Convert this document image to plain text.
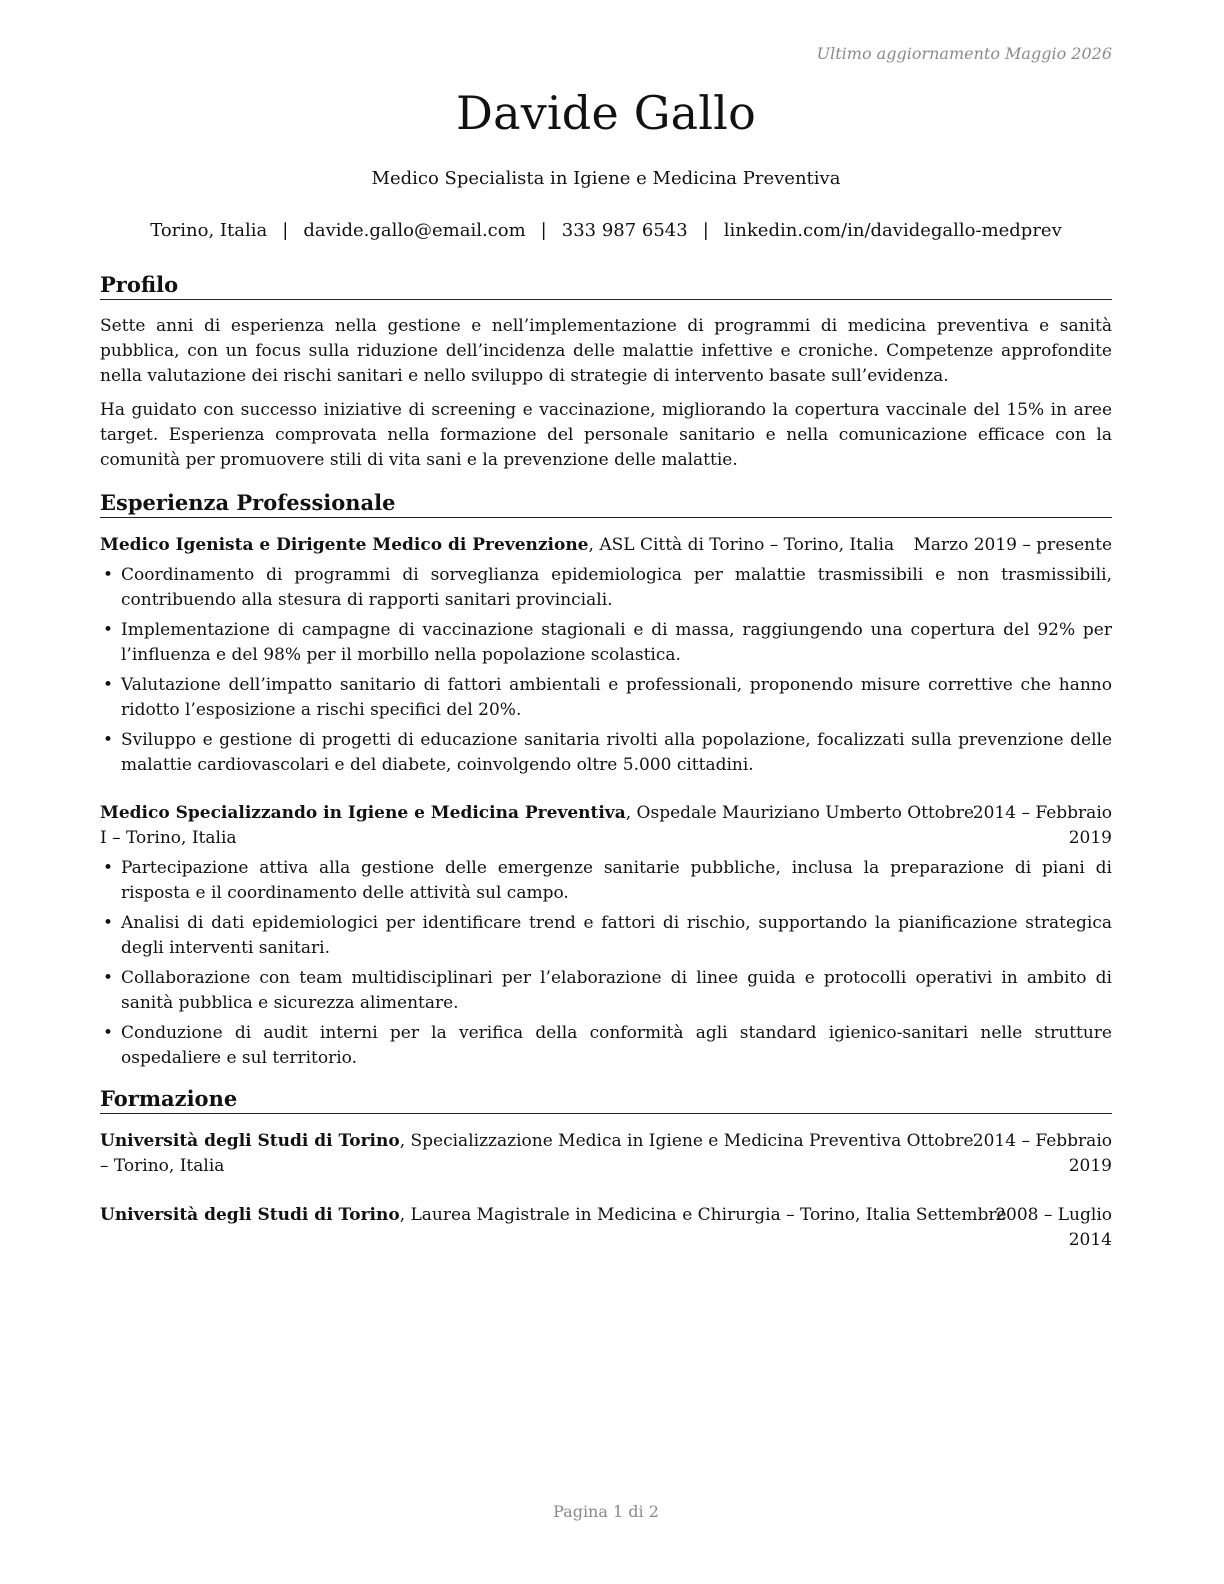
Ultimo aggiornamento Maggio 2026
Davide Gallo
Medico Specialista in Igiene e Medicina Preventiva
Torino, Italia | davide.gallo@email.com | 333 987 6543 | linkedin.com/in/davidegallo-medprev
Profilo

Sette anni di esperienza nella gestione e nell’implementazione di programmi di medicina preventiva e sanità pubblica, con un focus sulla riduzione dell’incidenza delle malattie infettive e croniche. Competenze approfondite nella valutazione dei rischi sanitari e nello sviluppo di strategie di intervento basate sull’evidenza.

Ha guidato con successo iniziative di screening e vaccinazione, migliorando la copertura vaccinale del 15% in aree target. Esperienza comprovata nella formazione del personale sanitario e nella comunicazione efficace con la comunità per promuovere stili di vita sani e la prevenzione delle malattie.

Esperienza Professionale
Medico Igenista e Dirigente Medico di Prevenzione, ASL Città di Torino – Torino, Italia Marzo 2019 – presente
• Coordinamento di programmi di sorveglianza epidemiologica per malattie trasmissibili e non trasmissibili, contribuendo alla stesura di rapporti sanitari provinciali.
• Implementazione di campagne di vaccinazione stagionali e di massa, raggiungendo una copertura del 92% per l’influenza e del 98% per il morbillo nella popolazione scolastica.
• Valutazione dell’impatto sanitario di fattori ambientali e professionali, proponendo misure correttive che hanno ridotto l’esposizione a rischi specifici del 20%.
• Sviluppo e gestione di progetti di educazione sanitaria rivolti alla popolazione, focalizzati sulla prevenzione delle malattie cardiovascolari e del diabete, coinvolgendo oltre 5.000 cittadini.
Medico Specializzando in Igiene e Medicina Preventiva, Ospedale Mauriziano Umberto Ottobre
I – Torino, Italia
2014 – Febbraio
2019
• Partecipazione attiva alla gestione delle emergenze sanitarie pubbliche, inclusa la preparazione di piani di risposta e il coordinamento delle attività sul campo.
• Analisi di dati epidemiologici per identificare trend e fattori di rischio, supportando la pianificazione strategica degli interventi sanitari.
• Collaborazione con team multidisciplinari per l’elaborazione di linee guida e protocolli operativi in ambito di sanità pubblica e sicurezza alimentare.
• Conduzione di audit interni per la verifica della conformità agli standard igienico-sanitari nelle strutture ospedaliere e sul territorio.
Formazione
Università degli Studi di Torino, Specializzazione Medica in Igiene e Medicina Preventiva Ottobre
– Torino, Italia
2014 – Febbraio
2019
Università degli Studi di Torino, Laurea Magistrale in Medicina e Chirurgia – Torino, Italia Settembre
2008 – Luglio
2014
Pagina 1 di 2
